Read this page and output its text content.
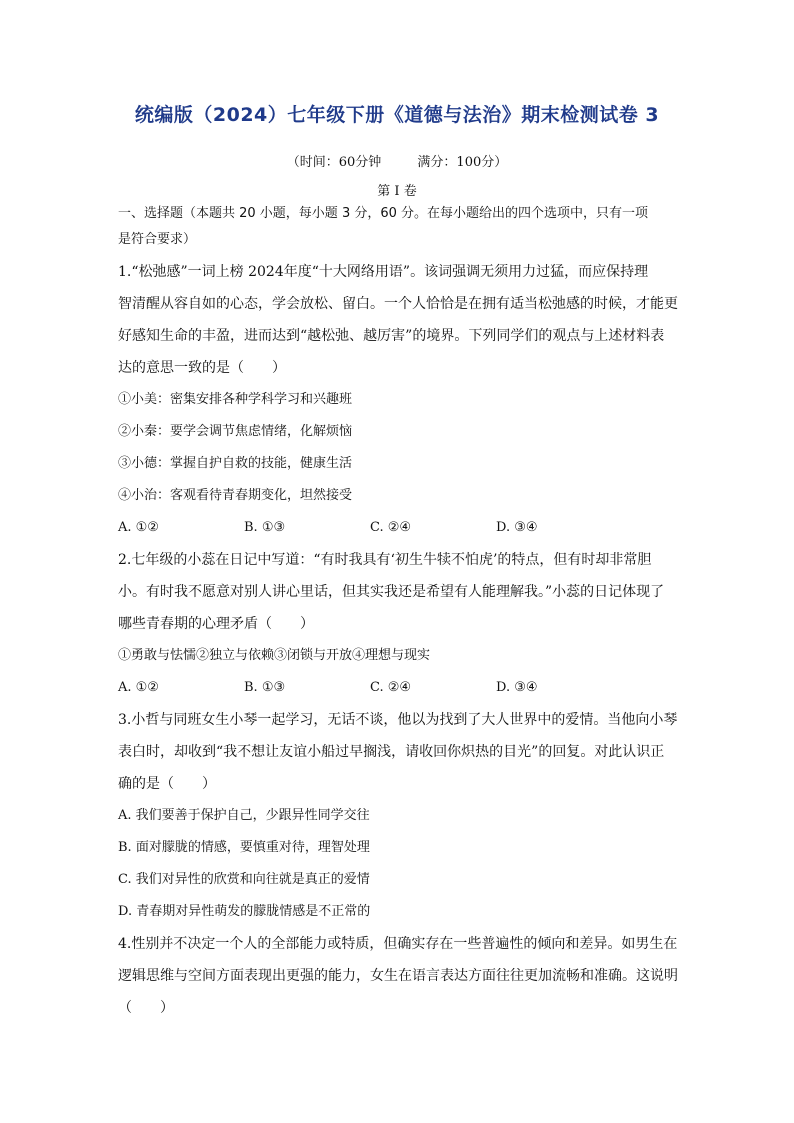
统编版（2024）七年级下册《道德与法治》期末检测试卷 3
（时间：60分钟	满分：100分）
第 I 卷
一、选择题（本题共 20 小题，每小题 3 分，60 分。在每小题给出的四个选项中，只有一项
是符合要求）

1.“松弛感”一词上榜 2024年度“十大网络用语”。该词强调无须用力过猛，而应保持理

智清醒从容自如的心态，学会放松、留白。一个人恰恰是在拥有适当松弛感的时候，才能更

好感知生命的丰盈，进而达到“越松弛、越厉害”的境界。下列同学们的观点与上述材料表

达的意思一致的是（　　）

①小美：密集安排各种学科学习和兴趣班

②小秦：要学会调节焦虑情绪，化解烦恼

③小德：掌握自护自救的技能，健康生活

④小治：客观看待青春期变化，坦然接受

A. ①②	B. ①③	C. ②④	D. ③④

2.七年级的小蕊在日记中写道：“有时我具有‘初生牛犊不怕虎’的特点，但有时却非常胆

小。有时我不愿意对别人讲心里话，但其实我还是希望有人能理解我。”小蕊的日记体现了

哪些青春期的心理矛盾（　　）

①勇敢与怯懦②独立与依赖③闭锁与开放④理想与现实

A. ①②	B. ①③	C. ②④	D. ③④

3.小哲与同班女生小琴一起学习，无话不谈，他以为找到了大人世界中的爱情。当他向小琴

表白时，却收到“我不想让友谊小船过早搁浅，请收回你炽热的目光”的回复。对此认识正

确的是（　　）

A. 我们要善于保护自己，少跟异性同学交往

B. 面对朦胧的情感，要慎重对待，理智处理

C. 我们对异性的欣赏和向往就是真正的爱情

D. 青春期对异性萌发的朦胧情感是不正常的

4.性别并不决定一个人的全部能力或特质，但确实存在一些普遍性的倾向和差异。如男生在

逻辑思维与空间方面表现出更强的能力，女生在语言表达方面往往更加流畅和准确。这说明

（　　）
